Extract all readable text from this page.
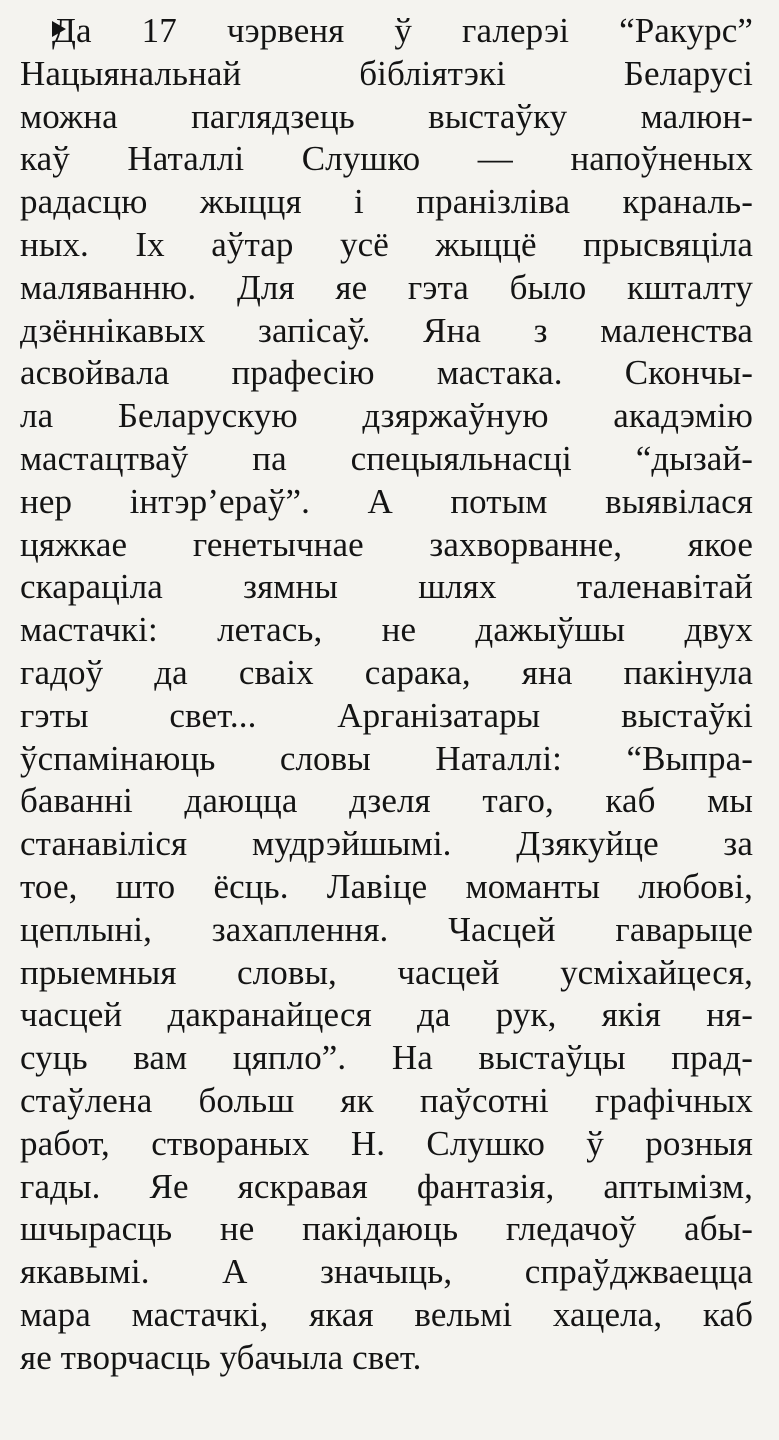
Да 17 чэрвеня ў галерэі “Ракурс”
Нацыянальнай бібліятэкі Беларусі
можна паглядзець выстаўку малюн-
каў Наталлі Слушко — напоўненых
радасцю жыцця і пранізліва краналь-
ных. Іх аўтар усё жыццё прысвяціла
маляванню. Для яе гэта было кшталту
дзённікавых запісаў. Яна з маленства
асвойвала прафесію мастака. Скончы-
ла Беларускую дзяржаўную акадэмію
мастацтваў па спецыяльнасці “дызай-
нер інтэр’ераў”. А потым выявілася
цяжкае генетычнае захворванне, якое
скараціла зямны шлях таленавітай
мастачкі: летась, не дажыўшы двух
гадоў да сваіх сарака, яна пакінула
гэты свет... Арганізатары выстаўкі
ўспамінаюць словы Наталлі: “Выпра-
баванні даюцца дзеля таго, каб мы
станавіліся мудрэйшымі. Дзякуйце за
тое, што ёсць. Лавіце моманты любові,
цеплыні, захаплення. Часцей гаварыце
прыемныя словы, часцей усміхайцеся,
часцей дакранайцеся да рук, якія ня-
суць вам цяпло”. На выстаўцы прад-
стаўлена больш як паўсотні графічных
работ, створаных Н. Слушко ў розныя
гады. Яе яскравая фантазія, аптымізм,
шчырасць не пакідаюць гледачоў абы-
якавымі. А значыць, спраўджваецца
мара мастачкі, якая вельмі хацела, каб
яе творчасць убачыла свет.
